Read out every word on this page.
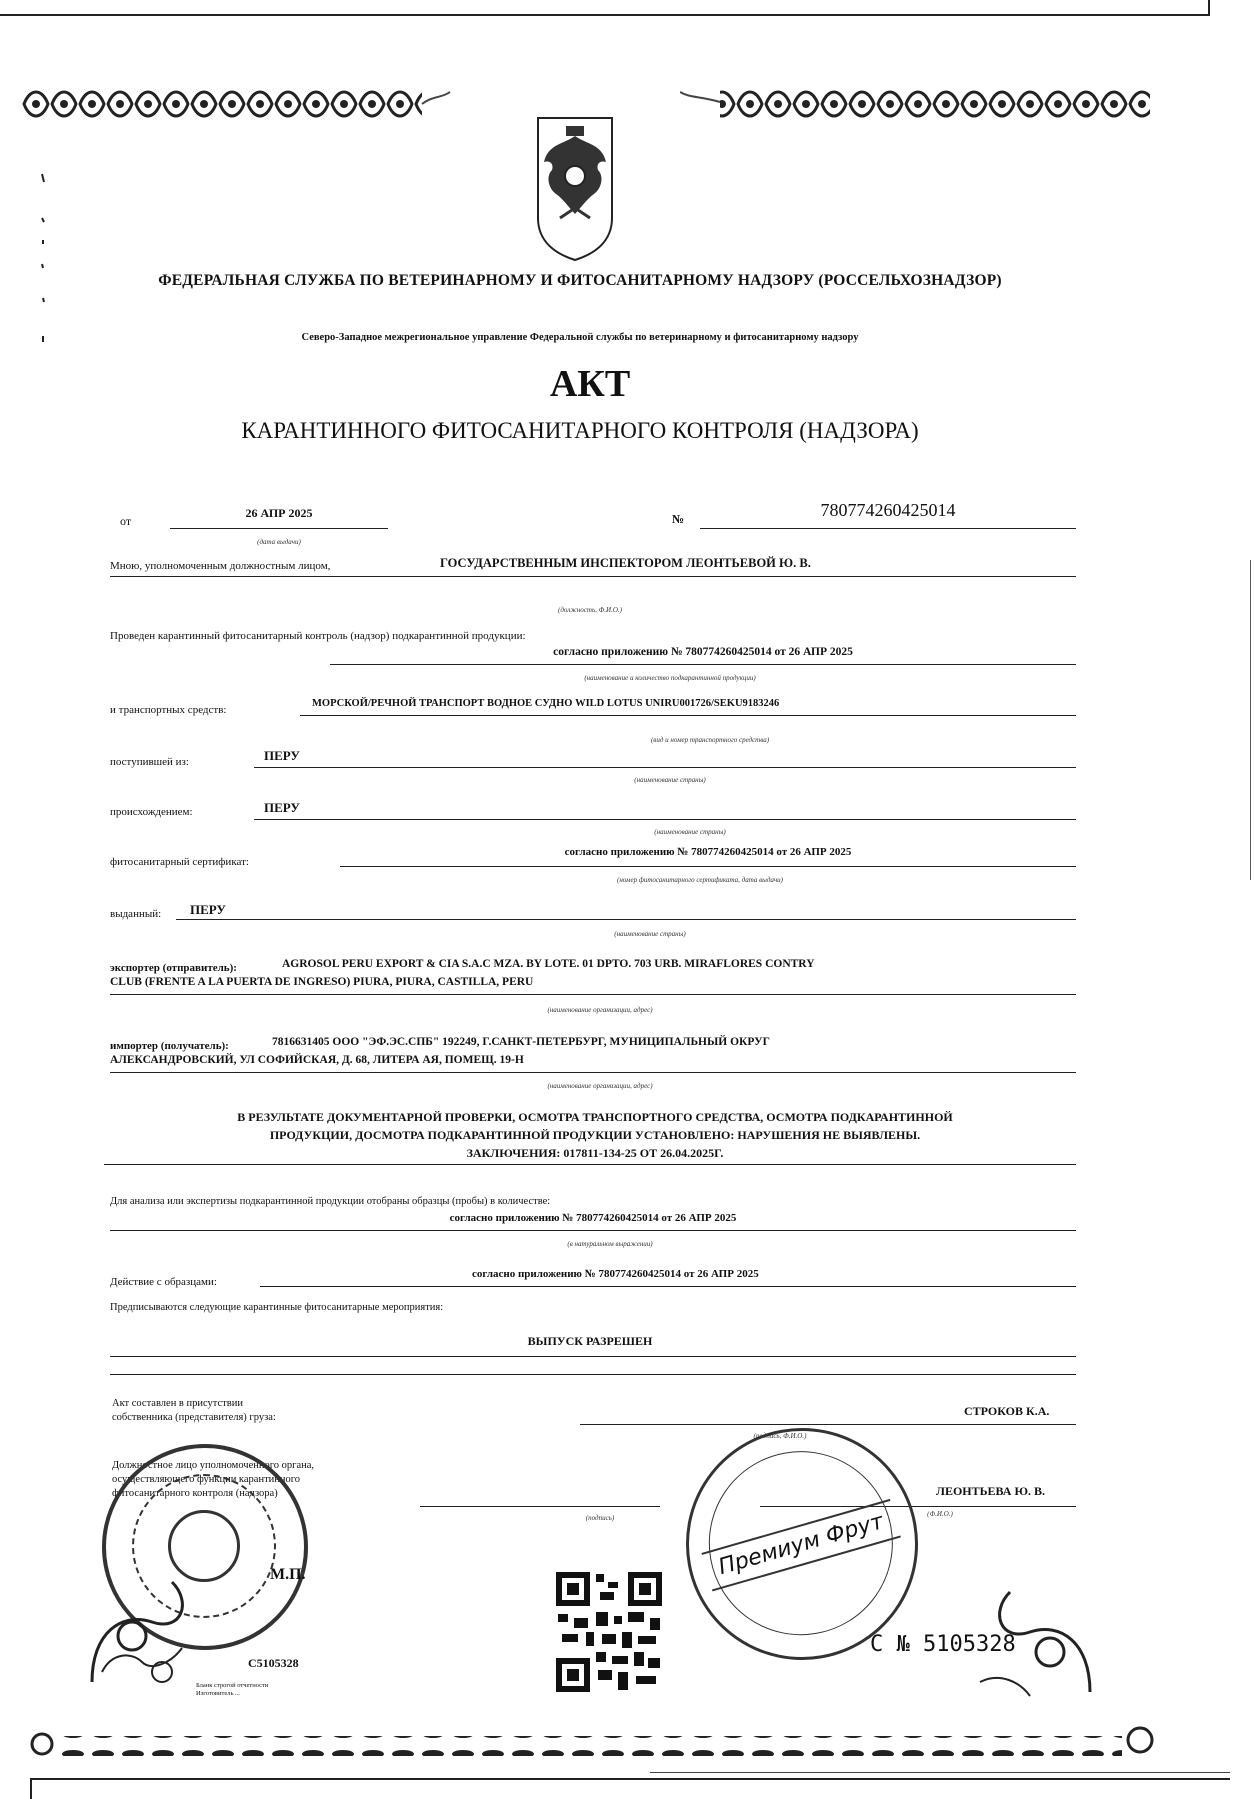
ФЕДЕРАЛЬНАЯ СЛУЖБА ПО ВЕТЕРИНАРНОМУ И ФИТОСАНИТАРНОМУ НАДЗОРУ (РОССЕЛЬХОЗНАДЗОР)
Северо-Западное межрегиональное управление Федеральной службы по ветеринарному и фитосанитарному надзору
АКТ
КАРАНТИННОГО ФИТОСАНИТАРНОГО КОНТРОЛЯ (НАДЗОРА)
от
26 АПР 2025
(дата выдачи)
№	780774260425014
Мною, уполномоченным должностным лицом,	ГОСУДАРСТВЕННЫМ ИНСПЕКТОРОМ ЛЕОНТЬЕВОЙ Ю. В.
(должность, Ф.И.О.)
Проведен карантинный фитосанитарный контроль (надзор) подкарантинной продукции:
согласно приложению № 780774260425014 от 26 АПР 2025
(наименование и количество подкарантинной продукции)
и транспортных средств:
МОРСКОЙ/РЕЧНОЙ ТРАНСПОРТ ВОДНОЕ СУДНО WILD LOTUS UNIRU001726/SEKU9183246
(вид и номер транспортного средства)
поступившей из:	ПЕРУ
(наименование страны)
происхождением:	ПЕРУ
(наименование страны)
фитосанитарный сертификат:
согласно приложению № 780774260425014 от 26 АПР 2025
(номер фитосанитарного сертификата, дата выдачи)
выданный:	ПЕРУ
(наименование страны)
экспортер (отправитель):	AGROSOL PERU EXPORT & CIA S.A.C MZA. BY LOTE. 01 DPTO. 703 URB. MIRAFLORES CONTRY
CLUB (FRENTE A LA PUERTA DE INGRESO) PIURA, PIURA, CASTILLA, PERU
(наименование организации, адрес)
импортер (получатель):	7816631405 ООО "ЭФ.ЭС.СПБ" 192249, Г.САНКТ-ПЕТЕРБУРГ, МУНИЦИПАЛЬНЫЙ ОКРУГ
АЛЕКСАНДРОВСКИЙ, УЛ СОФИЙСКАЯ, Д. 68, ЛИТЕРА АЯ, ПОМЕЩ. 19-Н
(наименование организации, адрес)
В РЕЗУЛЬТАТЕ ДОКУМЕНТАРНОЙ ПРОВЕРКИ, ОСМОТРА ТРАНСПОРТНОГО СРЕДСТВА, ОСМОТРА ПОДКАРАНТИННОЙ
ПРОДУКЦИИ, ДОСМОТРА ПОДКАРАНТИННОЙ ПРОДУКЦИИ УСТАНОВЛЕНО: НАРУШЕНИЯ НЕ ВЫЯВЛЕНЫ.
ЗАКЛЮЧЕНИЯ: 017811-134-25 ОТ 26.04.2025Г.
Для анализа или экспертизы подкарантинной продукции отобраны образцы (пробы) в количестве:
согласно приложению № 780774260425014 от 26 АПР 2025
(в натуральном выражении)
Действие с образцами:
согласно приложению № 780774260425014 от 26 АПР 2025
Предписываются следующие карантинные фитосанитарные мероприятия:
ВЫПУСК РАЗРЕШЕН
Акт составлен в присутствии
собственника (представителя) груза:	СТРОКОВ К.А.
(подпись, Ф.И.О.)
Должностное лицо уполномоченного органа,
осуществляющего функции карантинного
фитосанитарного контроля (надзора)	ЛЕОНТЬЕВА Ю. В.
(подпись)	(Ф.И.О.)
М.П.	Премиум Фрут
С № 5105328
С5105328
Бланк строгой отчетности
Изготовитель ...
